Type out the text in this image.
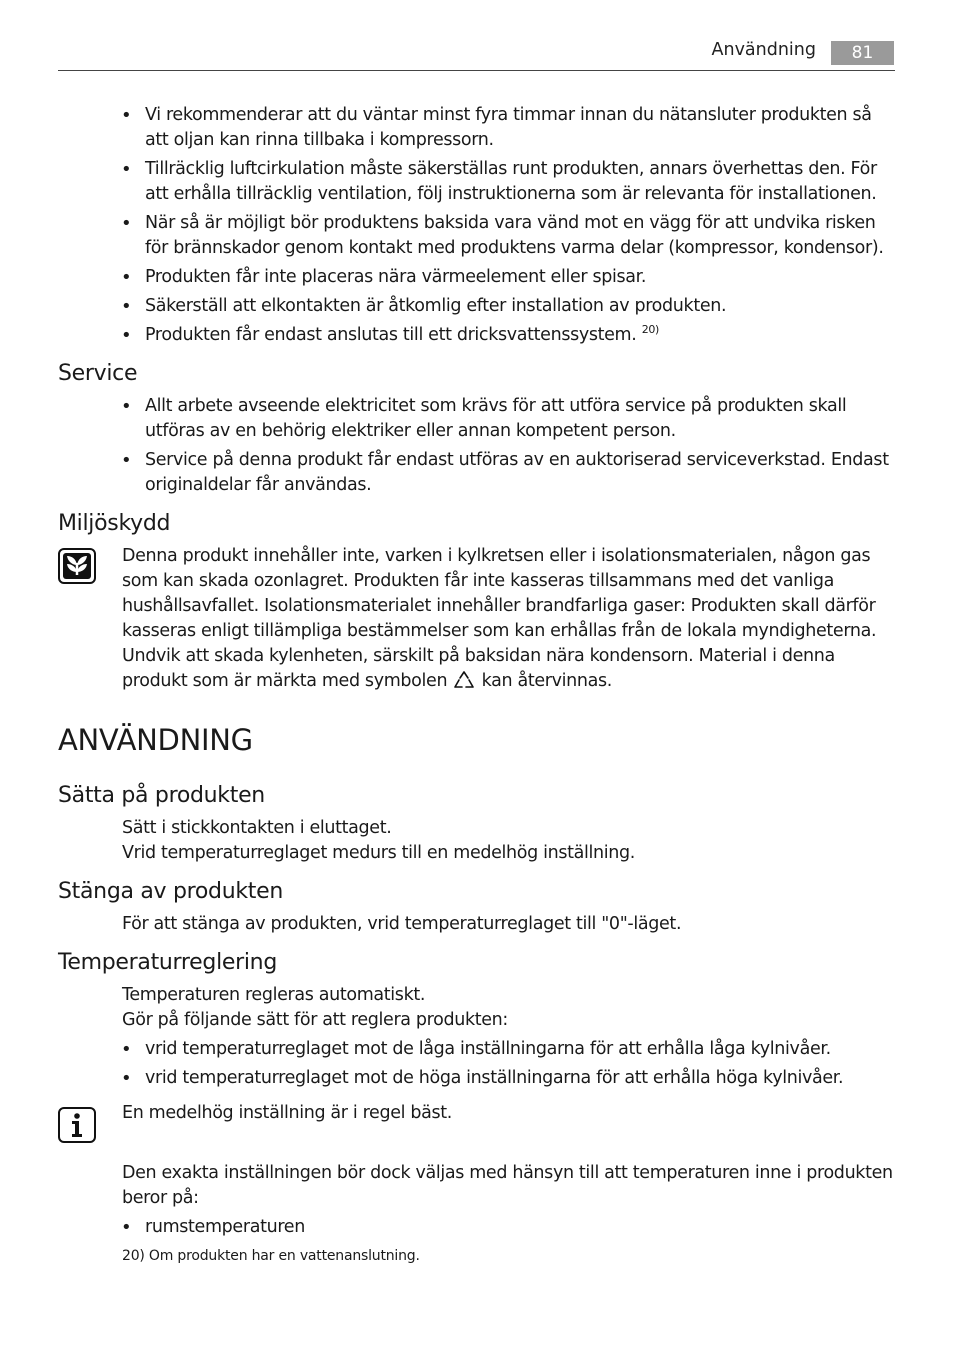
Användning	81
• Vi rekommenderar att du väntar minst fyra timmar innan du nätansluter produkten så att oljan kan rinna tillbaka i kompressorn.
• Tillräcklig luftcirkulation måste säkerställas runt produkten, annars överhettas den. För att erhålla tillräcklig ventilation, följ instruktionerna som är relevanta för installationen.
• När så är möjligt bör produktens baksida vara vänd mot en vägg för att undvika risken för brännskador genom kontakt med produktens varma delar (kompressor, kondensor).
• Produkten får inte placeras nära värmeelement eller spisar.
• Säkerställ att elkontakten är åtkomlig efter installation av produkten.
• Produkten får endast anslutas till ett dricksvattenssystem. $^{20)}$
Service
• Allt arbete avseende elektricitet som krävs för att utföra service på produkten skall utföras av en behörig elektriker eller annan kompetent person.
• Service på denna produkt får endast utföras av en auktoriserad serviceverkstad. Endast originaldelar får användas.
Miljöskydd

Denna produkt innehåller inte, varken i kylkretsen eller i isolationsmaterialen, någon gas som kan skada ozonlagret. Produkten får inte kasseras tillsammans med det vanliga hushållsavfallet. Isolationsmaterialet innehåller brandfarliga gaser: Produkten skall därför kasseras enligt tillämpliga bestämmelser som kan erhållas från de lokala myndigheterna. Undvik att skada kylenheten, särskilt på baksidan nära kondensorn. Material i denna produkt som är märkta med symbolen kan återvinnas.

ANVÄNDNING
Sätta på produkten

Sätt i stickkontakten i eluttaget.

Vrid temperaturreglaget medurs till en medelhög inställning.

Stänga av produkten

För att stänga av produkten, vrid temperaturreglaget till "0"-läget.

Temperaturreglering

Temperaturen regleras automatiskt.

Gör på följande sätt för att reglera produkten:

• vrid temperaturreglaget mot de låga inställningarna för att erhålla låga kylnivåer.
• vrid temperaturreglaget mot de höga inställningarna för att erhålla höga kylnivåer.

En medelhög inställning är i regel bäst.

Den exakta inställningen bör dock väljas med hänsyn till att temperaturen inne i produkten beror på:

• rumstemperaturen
20) Om produkten har en vattenanslutning.
